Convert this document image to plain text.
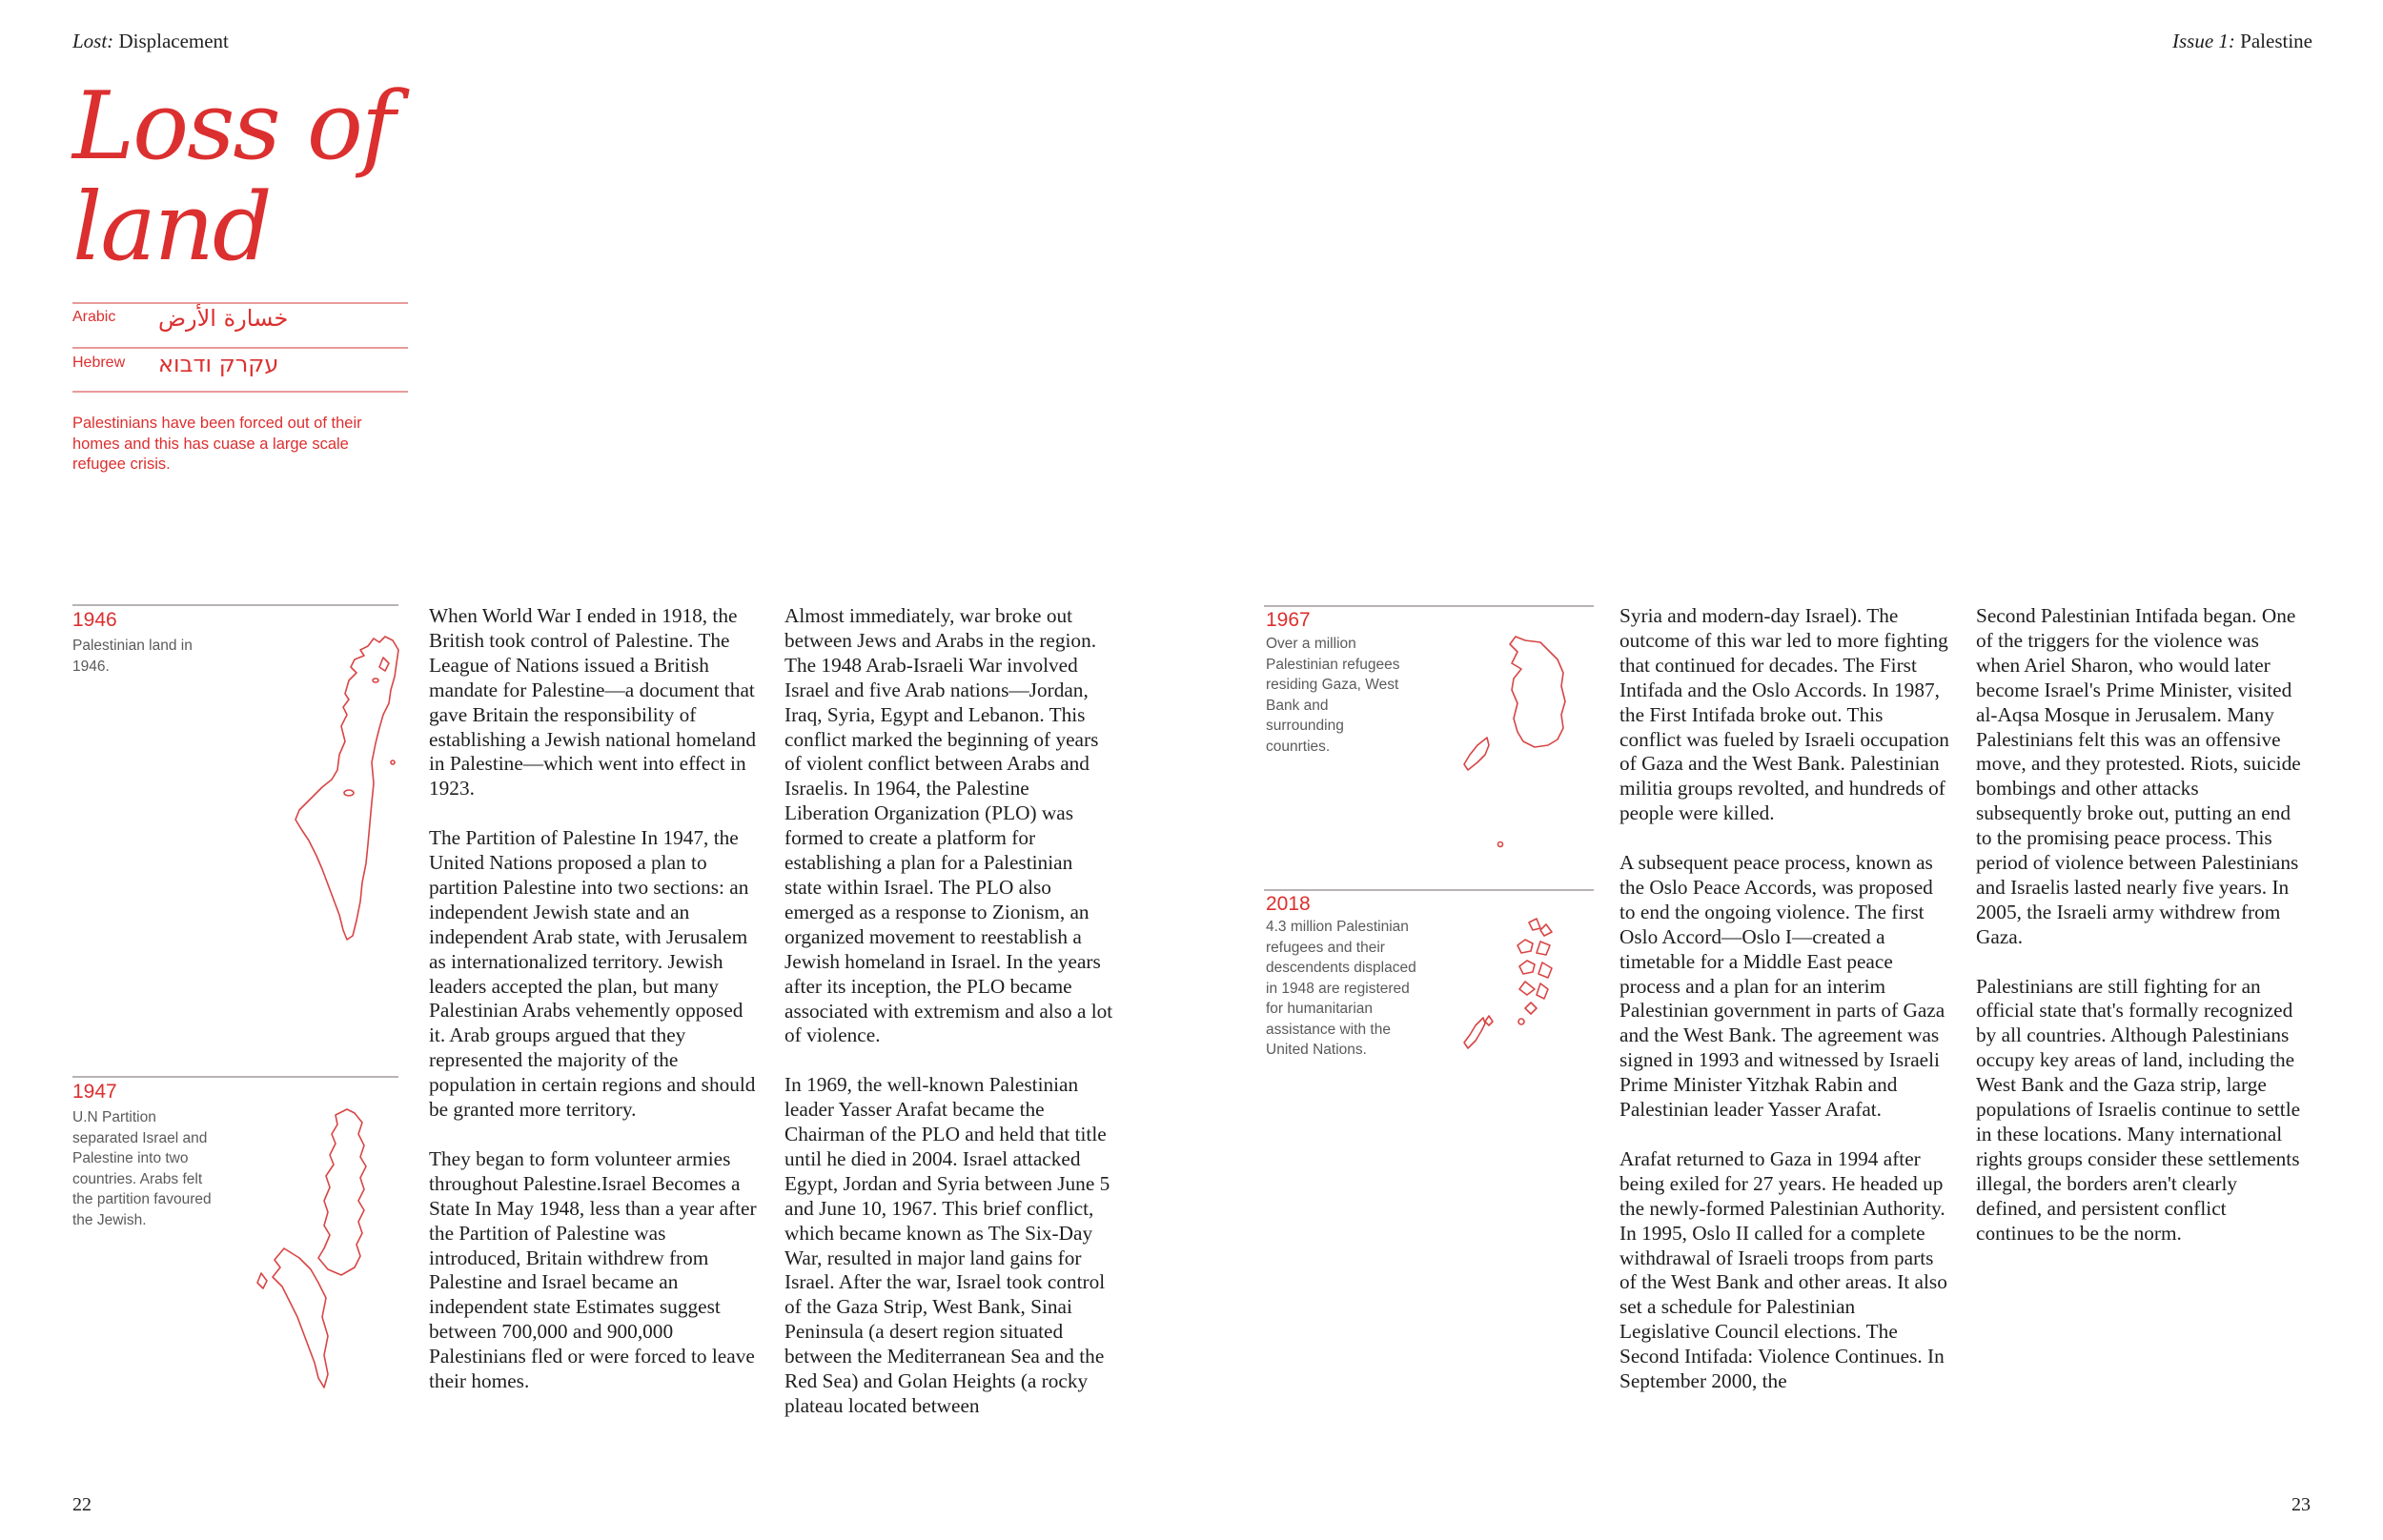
Lost: Displacement	Issue 1: Palestine
Loss of
land
Arabic خسارة الأرض
Hebrew עקרק ודבוא

Palestinians have been forced out of their homes and this has cuase a large scale refugee crisis.

1946

Palestinian land in 1946.

1947

U.N Partition separated Israel and Palestine into two countries. Arabs felt the partition favoured the Jewish.

1967

Over a million Palestinian refugees residing Gaza, West Bank and surrounding counrties.

2018

4.3 million Palestinian refugees and their descendents displaced in 1948 are registered for humanitarian assistance with the United Nations.

When World War I ended in 1918, the British took control of Palestine. The League of Nations issued a British mandate for Palestine—a document that gave Britain the responsibility of establishing a Jewish national homeland in Palestine—which went into effect in 1923.

The Partition of Palestine In 1947, the United Nations proposed a plan to partition Palestine into two sections: an independent Jewish state and an independent Arab state, with Jerusalem as internationalized territory. Jewish leaders accepted the plan, but many Palestinian Arabs vehemently opposed it. Arab groups argued that they represented the majority of the population in certain regions and should be granted more territory.

They began to form volunteer armies throughout Palestine.Israel Becomes a State In May 1948, less than a year after the Partition of Palestine was introduced, Britain withdrew from Palestine and Israel became an independent state Estimates suggest between 700,000 and 900,000 Palestinians fled or were forced to leave their homes.

Almost immediately, war broke out between Jews and Arabs in the region. The 1948 Arab-Israeli War involved Israel and five Arab nations—Jordan, Iraq, Syria, Egypt and Lebanon. This conflict marked the beginning of years of violent conflict between Arabs and Israelis. In 1964, the Palestine Liberation Organization (PLO) was formed to create a platform for establishing a plan for a Palestinian state within Israel. The PLO also emerged as a response to Zionism, an organized movement to reestablish a Jewish homeland in Israel. In the years after its inception, the PLO became associated with extremism and also a lot of violence.

In 1969, the well-known Palestinian leader Yasser Arafat became the Chairman of the PLO and held that title until he died in 2004. Israel attacked Egypt, Jordan and Syria between June 5 and June 10, 1967. This brief conflict, which became known as The Six-Day War, resulted in major land gains for Israel. After the war, Israel took control of the Gaza Strip, West Bank, Sinai Peninsula (a desert region situated between the Mediterranean Sea and the Red Sea) and Golan Heights (a rocky plateau located between

Syria and modern-day Israel). The outcome of this war led to more fighting that continued for decades. The First Intifada and the Oslo Accords. In 1987, the First Intifada broke out. This conflict was fueled by Israeli occupation of Gaza and the West Bank. Palestinian militia groups revolted, and hundreds of people were killed.

A subsequent peace process, known as the Oslo Peace Accords, was proposed to end the ongoing violence. The first Oslo Accord—Oslo I—created a timetable for a Middle East peace process and a plan for an interim Palestinian government in parts of Gaza and the West Bank. The agreement was signed in 1993 and witnessed by Israeli Prime Minister Yitzhak Rabin and Palestinian leader Yasser Arafat.

Arafat returned to Gaza in 1994 after being exiled for 27 years. He headed up the newly-formed Palestinian Authority. In 1995, Oslo II called for a complete withdrawal of Israeli troops from parts of the West Bank and other areas. It also set a schedule for Palestinian Legislative Council elections. The Second Intifada: Violence Continues. In September 2000, the

Second Palestinian Intifada began. One of the triggers for the violence was when Ariel Sharon, who would later become Israel's Prime Minister, visited al-Aqsa Mosque in Jerusalem. Many Palestinians felt this was an offensive move, and they protested. Riots, suicide bombings and other attacks subsequently broke out, putting an end to the promising peace process. This period of violence between Palestinians and Israelis lasted nearly five years. In 2005, the Israeli army withdrew from Gaza.

Palestinians are still fighting for an official state that's formally recognized by all countries. Although Palestinians occupy key areas of land, including the West Bank and the Gaza strip, large populations of Israelis continue to settle in these locations. Many international rights groups consider these settlements illegal, the borders aren't clearly defined, and persistent conflict continues to be the norm.

22	23
